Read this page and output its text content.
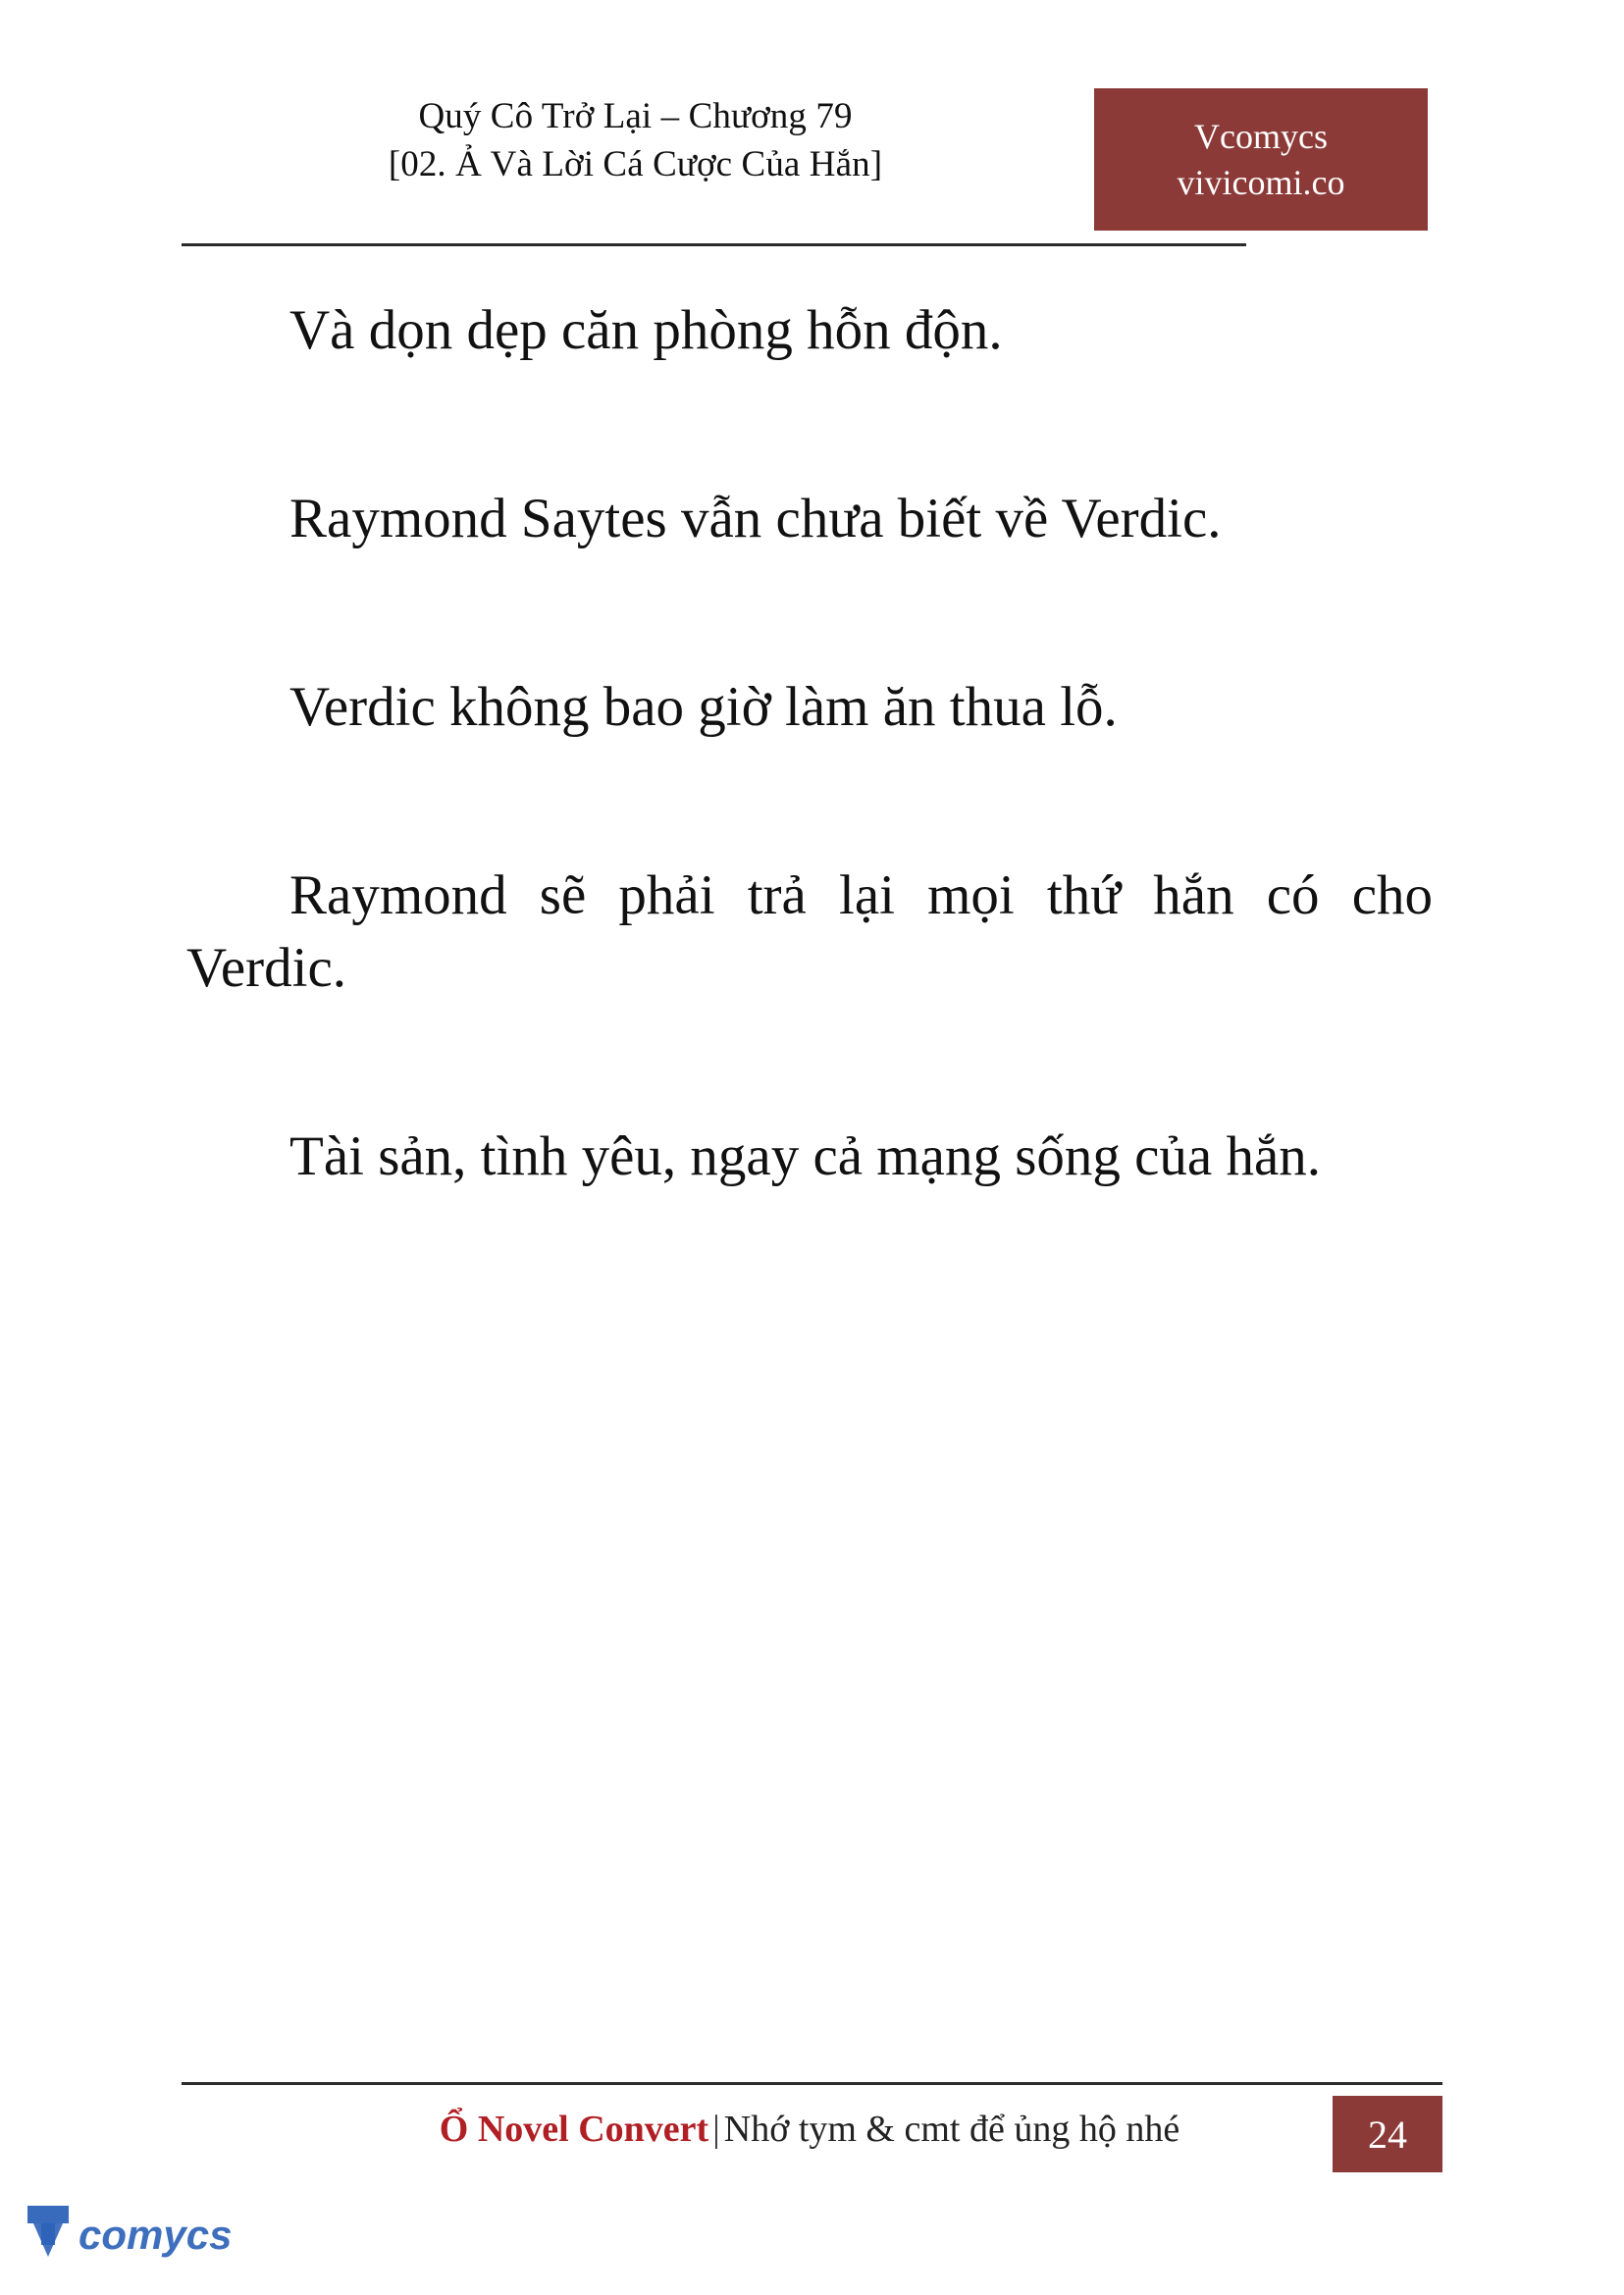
Quý Cô Trở Lại – Chương 79
[02. Ả Và Lời Cá Cược Của Hắn]
Vcomycs
vivicomi.co

Và dọn dẹp căn phòng hỗn độn.

Raymond Saytes vẫn chưa biết về Verdic.

Verdic không bao giờ làm ăn thua lỗ.

Raymond sẽ phải trả lại mọi thứ hắn có cho Verdic.

Tài sản, tình yêu, ngay cả mạng sống của hắn.

Ổ Novel Convert | Nhớ tym & cmt để ủng hộ nhé	24
comycs
